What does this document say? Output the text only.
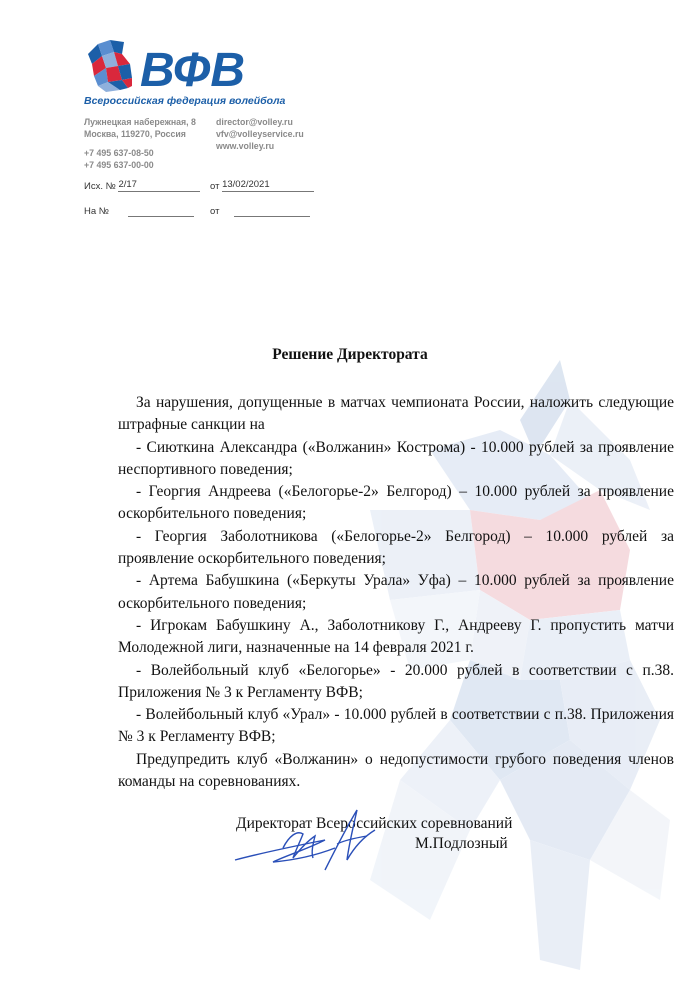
ВФВ
Всероссийская федерация волейбола
Лужнецкая набережная, 8
Москва, 119270, Россия
+7 495 637-08-50
+7 495 637-00-00
director@volley.ru
vfv@volleyservice.ru
www.volley.ru
Исх. № 2/17	от 13/02/2021
На №	от
Решение Директората

За нарушения, допущенные в матчах чемпионата России, наложить следующие штрафные санкции на

- Сиюткина Александра («Волжанин» Кострома) - 10.000 рублей за проявление неспортивного поведения;

- Георгия Андреева («Белогорье-2» Белгород) – 10.000 рублей за проявление оскорбительного поведения;

- Георгия Заболотникова («Белогорье-2» Белгород) – 10.000 рублей за проявление оскорбительного поведения;

- Артема Бабушкина («Беркуты Урала» Уфа) – 10.000 рублей за проявление оскорбительного поведения;

- Игрокам Бабушкину А., Заболотникову Г., Андрееву Г. пропустить матчи Молодежной лиги, назначенные на 14 февраля 2021 г.

- Волейбольный клуб «Белогорье» - 20.000 рублей в соответствии с п.38. Приложения № 3 к Регламенту ВФВ;

- Волейбольный клуб «Урал» - 10.000 рублей в соответствии с п.38. Приложения № 3 к Регламенту ВФВ;

Предупредить клуб «Волжанин» о недопустимости грубого поведения членов команды на соревнованиях.

Директорат Всероссийских соревнований
М.Подлозный
